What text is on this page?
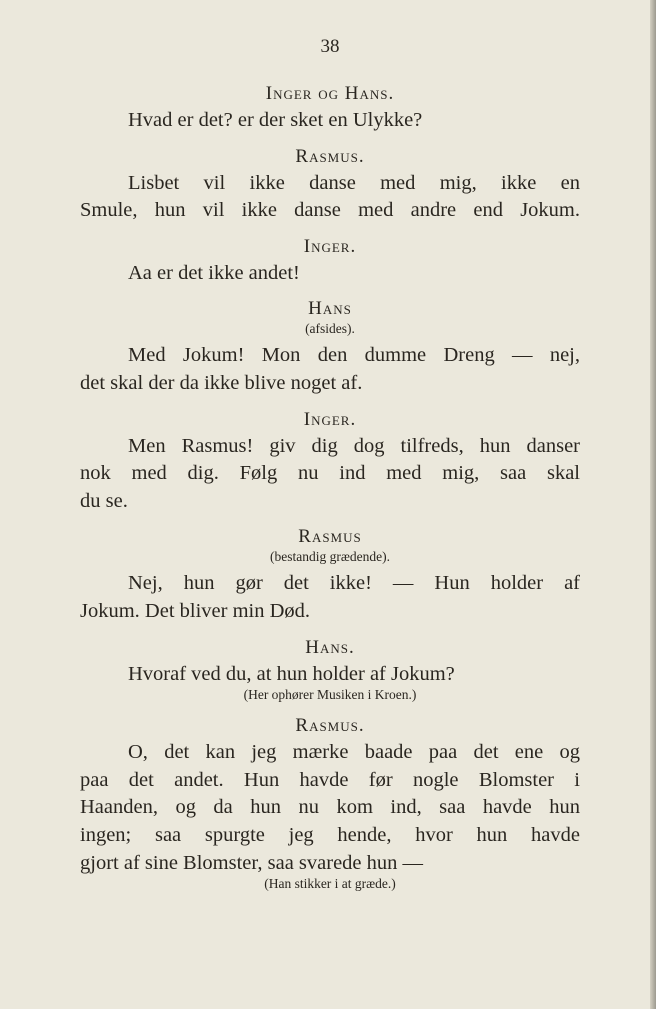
38
Inger og Hans.
Hvad er det? er der sket en Ulykke?
Rasmus.
Lisbet vil ikke danse med mig, ikke en
Smule, hun vil ikke danse med andre end Jokum.
Inger.
Aa er det ikke andet!
Hans
(afsides).
Med Jokum! Mon den dumme Dreng — nej,
det skal der da ikke blive noget af.
Inger.
Men Rasmus! giv dig dog tilfreds, hun danser
nok med dig. Følg nu ind med mig, saa skal
du se.
Rasmus
(bestandig grædende).
Nej, hun gør det ikke! — Hun holder af
Jokum. Det bliver min Død.
Hans.
Hvoraf ved du, at hun holder af Jokum?
(Her ophører Musiken i Kroen.)
Rasmus.
O, det kan jeg mærke baade paa det ene og
paa det andet. Hun havde før nogle Blomster i
Haanden, og da hun nu kom ind, saa havde hun
ingen; saa spurgte jeg hende, hvor hun havde
gjort af sine Blomster, saa svarede hun —
(Han stikker i at græde.)
